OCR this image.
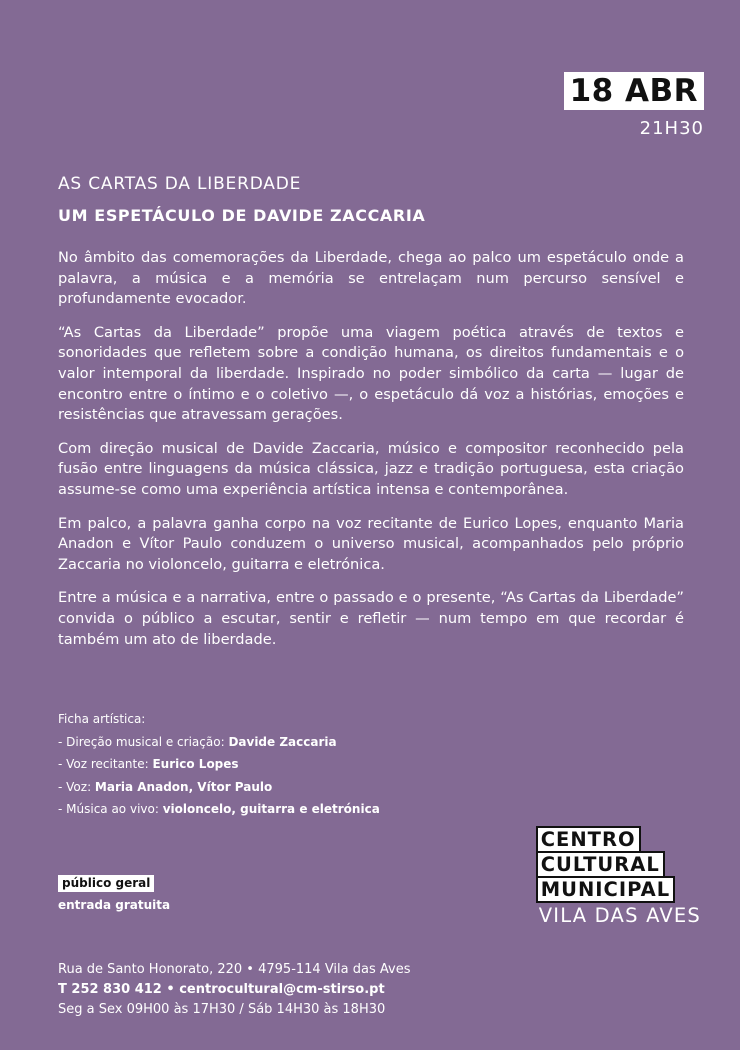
18 ABR
21H30
AS CARTAS DA LIBERDADE
UM ESPETÁCULO DE DAVIDE ZACCARIA

No âmbito das comemorações da Liberdade, chega ao palco um espetáculo onde a palavra, a música e a memória se entrelaçam num percurso sensível e profundamente evocador.

“As Cartas da Liberdade” propõe uma viagem poética através de textos e sonoridades que refletem sobre a condição humana, os direitos fundamentais e o valor intemporal da liberdade. Inspirado no poder simbólico da carta — lugar de encontro entre o íntimo e o coletivo —, o espetáculo dá voz a histórias, emoções e resistências que atravessam gerações.

Com direção musical de Davide Zaccaria, músico e compositor reconhecido pela fusão entre linguagens da música clássica, jazz e tradição portuguesa, esta criação assume-se como uma experiência artística intensa e contemporânea.

Em palco, a palavra ganha corpo na voz recitante de Eurico Lopes, enquanto Maria Anadon e Vítor Paulo conduzem o universo musical, acompanhados pelo próprio Zaccaria no violoncelo, guitarra e eletrónica.

Entre a música e a narrativa, entre o passado e o presente, “As Cartas da Liberdade” convida o público a escutar, sentir e refletir — num tempo em que recordar é também um ato de liberdade.

Ficha artística:
- Direção musical e criação: Davide Zaccaria
- Voz recitante: Eurico Lopes
- Voz: Maria Anadon, Vítor Paulo
- Música ao vivo: violoncelo, guitarra e eletrónica
público geral
entrada gratuita
CENTRO
CULTURAL
MUNICIPAL
VILA DAS AVES
Rua de Santo Honorato, 220 • 4795-114 Vila das Aves
T 252 830 412 • centrocultural@cm-stirso.pt
Seg a Sex 09H00 às 17H30 / Sáb 14H30 às 18H30
